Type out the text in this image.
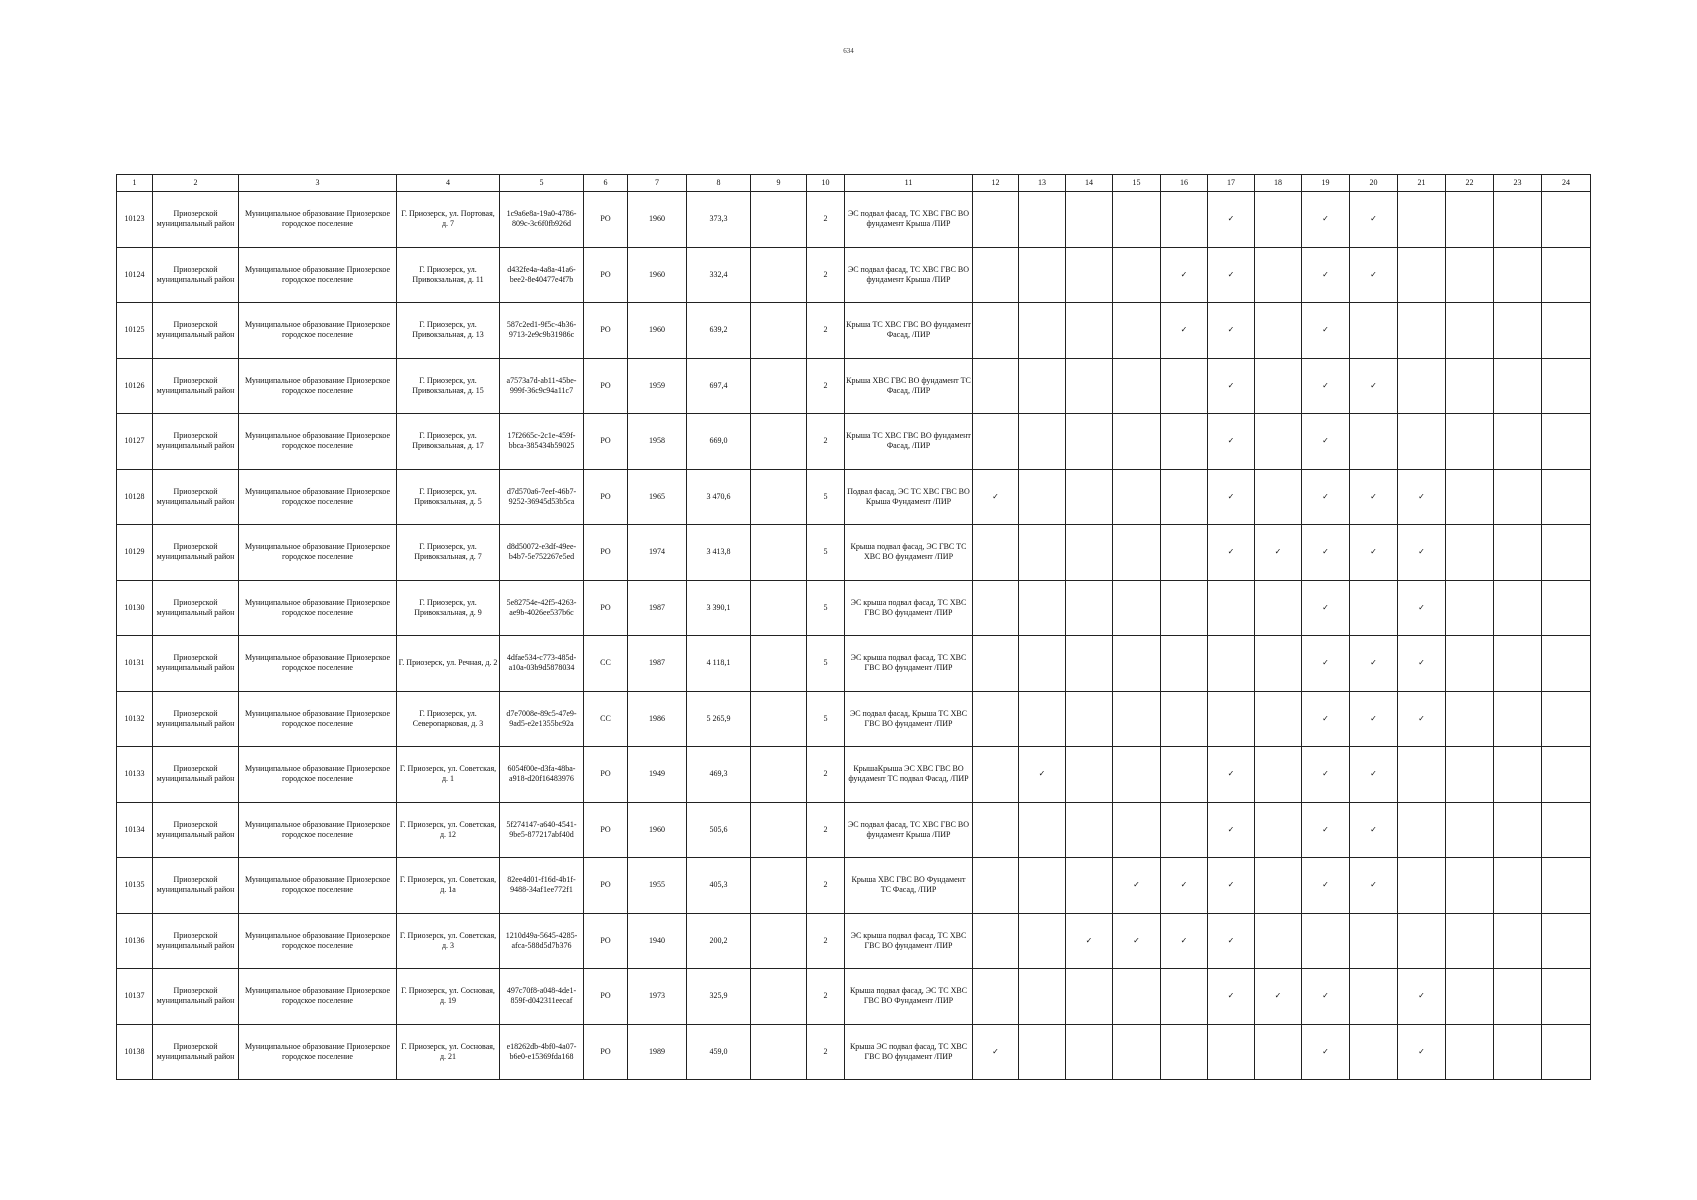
634
1	2	3	4	5	6	7	8	9	10	11	12	13	14	15	16	17	18	19	20	21	22	23	24
10123	Приозерской муниципальный район	Муниципальное образование Приозерское городское поселение	Г. Приозерск, ул. Портовая, д. 7	1c9a6e8a-19a0-4786-809c-3c6f0fb926d	РО	1960	373,3		2	ЭС подвал фасад, ТС ХВС ГВС ВО фундамент Крыша /ПИР						✓		✓	✓				
10124	Приозерской муниципальный район	Муниципальное образование Приозерское городское поселение	Г. Приозерск, ул. Привокзальная, д. 11	d432fe4a-4a8a-41a6-bee2-8e40477e4f7b	РО	1960	332,4		2	ЭС подвал фасад, ТС ХВС ГВС ВО фундамент Крыша /ПИР					✓	✓		✓	✓				
10125	Приозерской муниципальный район	Муниципальное образование Приозерское городское поселение	Г. Приозерск, ул. Привокзальная, д. 13	587c2ed1-9f5c-4b36-9713-2e9c9b31986c	РО	1960	639,2		2	Крыша ТС ХВС ГВС ВО фундамент Фасад, /ПИР					✓	✓		✓					
10126	Приозерской муниципальный район	Муниципальное образование Приозерское городское поселение	Г. Приозерск, ул. Привокзальная, д. 15	a7573a7d-ab11-45be-999f-36c9c94a11c7	РО	1959	697,4		2	Крыша ХВС ГВС ВО фундамент ТС Фасад, /ПИР						✓		✓	✓				
10127	Приозерской муниципальный район	Муниципальное образование Приозерское городское поселение	Г. Приозерск, ул. Привокзальная, д. 17	17f2665c-2c1e-459f-bbca-385434b59025	РО	1958	669,0		2	Крыша ТС ХВС ГВС ВО фундамент Фасад, /ПИР						✓		✓					
10128	Приозерской муниципальный район	Муниципальное образование Приозерское городское поселение	Г. Приозерск, ул. Привокзальная, д. 5	d7d570a6-7eef-46b7-9252-36945d53b5ca	РО	1965	3 470,6		5	Подвал фасад, ЭС ТС ХВС ГВС ВО Крыша Фундамент /ПИР	✓					✓		✓	✓	✓			
10129	Приозерской муниципальный район	Муниципальное образование Приозерское городское поселение	Г. Приозерск, ул. Привокзальная, д. 7	d8d50072-e3df-49ee-b4b7-5e752267e5ed	РО	1974	3 413,8		5	Крыша подвал фасад, ЭС ГВС ТС ХВС ВО фундамент /ПИР						✓	✓	✓	✓	✓			
10130	Приозерской муниципальный район	Муниципальное образование Приозерское городское поселение	Г. Приозерск, ул. Привокзальная, д. 9	5e82754e-42f5-4263-ae9b-4026ee537b6c	РО	1987	3 390,1		5	ЭС крыша подвал фасад, ТС ХВС ГВС ВО фундамент /ПИР								✓		✓			
10131	Приозерской муниципальный район	Муниципальное образование Приозерское городское поселение	Г. Приозерск, ул. Речная, д. 2	4dfae534-c773-485d-a10a-03b9d5878034	СС	1987	4 118,1		5	ЭС крыша подвал фасад, ТС ХВС ГВС ВО фундамент /ПИР								✓	✓	✓			
10132	Приозерской муниципальный район	Муниципальное образование Приозерское городское поселение	Г. Приозерск, ул. Северопарковая, д. 3	d7e7008e-89c5-47e9-9ad5-e2e1355bc92a	СС	1986	5 265,9		5	ЭС подвал фасад, Крыша ТС ХВС ГВС ВО фундамент /ПИР								✓	✓	✓			
10133	Приозерской муниципальный район	Муниципальное образование Приозерское городское поселение	Г. Приозерск, ул. Советская, д. 1	6054f00e-d3fa-48ba-a918-d20f16483976	РО	1949	469,3		2	КрышаКрыша ЭС ХВС ГВС ВО фундамент ТС подвал Фасад, /ПИР		✓				✓		✓	✓				
10134	Приозерской муниципальный район	Муниципальное образование Приозерское городское поселение	Г. Приозерск, ул. Советская, д. 12	5f274147-a640-4541-9be5-877217abf40d	РО	1960	505,6		2	ЭС подвал фасад, ТС ХВС ГВС ВО фундамент Крыша /ПИР						✓		✓	✓				
10135	Приозерской муниципальный район	Муниципальное образование Приозерское городское поселение	Г. Приозерск, ул. Советская, д. 1а	82ee4d01-f16d-4b1f-9488-34af1ee772f1	РО	1955	405,3		2	Крыша ХВС ГВС ВО Фундамент ТС Фасад, /ПИР				✓	✓	✓		✓	✓				
10136	Приозерской муниципальный район	Муниципальное образование Приозерское городское поселение	Г. Приозерск, ул. Советская, д. 3	1210d49a-5645-4285-afca-588d5d7b376	РО	1940	200,2		2	ЭС крыша подвал фасад, ТС ХВС ГВС ВО фундамент /ПИР			✓	✓	✓	✓							
10137	Приозерской муниципальный район	Муниципальное образование Приозерское городское поселение	Г. Приозерск, ул. Сосновая, д. 19	497c70f8-a048-4de1-859f-d042311eecaf	РО	1973	325,9		2	Крыша подвал фасад, ЭС ТС ХВС ГВС ВО Фундамент /ПИР						✓	✓	✓		✓			
10138	Приозерской муниципальный район	Муниципальное образование Приозерское городское поселение	Г. Приозерск, ул. Сосновая, д. 21	e18262db-4bf0-4a07-b6e0-e15369fda168	РО	1989	459,0		2	Крыша ЭС подвал фасад, ТС ХВС ГВС ВО фундамент /ПИР	✓							✓		✓			
